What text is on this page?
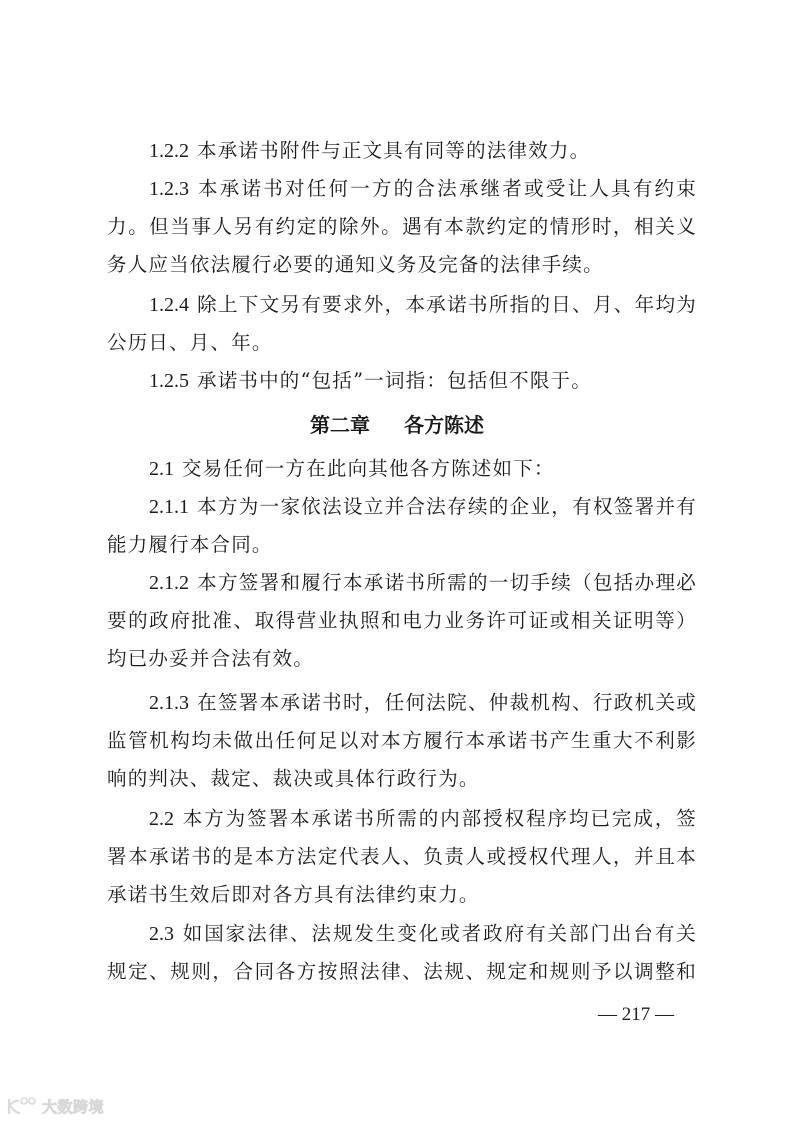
1.2.2 本承诺书附件与正文具有同等的法律效力。
1.2.3 本承诺书对任何一方的合法承继者或受让人具有约束
力。但当事人另有约定的除外。遇有本款约定的情形时，相关义
务人应当依法履行必要的通知义务及完备的法律手续。
1.2.4 除上下文另有要求外，本承诺书所指的日、月、年均为
公历日、月、年。
1.2.5 承诺书中的“包括”一词指：包括但不限于。
第二章 各方陈述
2.1 交易任何一方在此向其他各方陈述如下：
2.1.1 本方为一家依法设立并合法存续的企业，有权签署并有
能力履行本合同。
2.1.2 本方签署和履行本承诺书所需的一切手续（包括办理必
要的政府批准、取得营业执照和电力业务许可证或相关证明等）
均已办妥并合法有效。
2.1.3 在签署本承诺书时，任何法院、仲裁机构、行政机关或
监管机构均未做出任何足以对本方履行本承诺书产生重大不利影
响的判决、裁定、裁决或具体行政行为。
2.2 本方为签署本承诺书所需的内部授权程序均已完成，签
署本承诺书的是本方法定代表人、负责人或授权代理人，并且本
承诺书生效后即对各方具有法律约束力。
2.3 如国家法律、法规发生变化或者政府有关部门出台有关
规定、规则，合同各方按照法律、法规、规定和规则予以调整和
— 217 —
大数跨境
